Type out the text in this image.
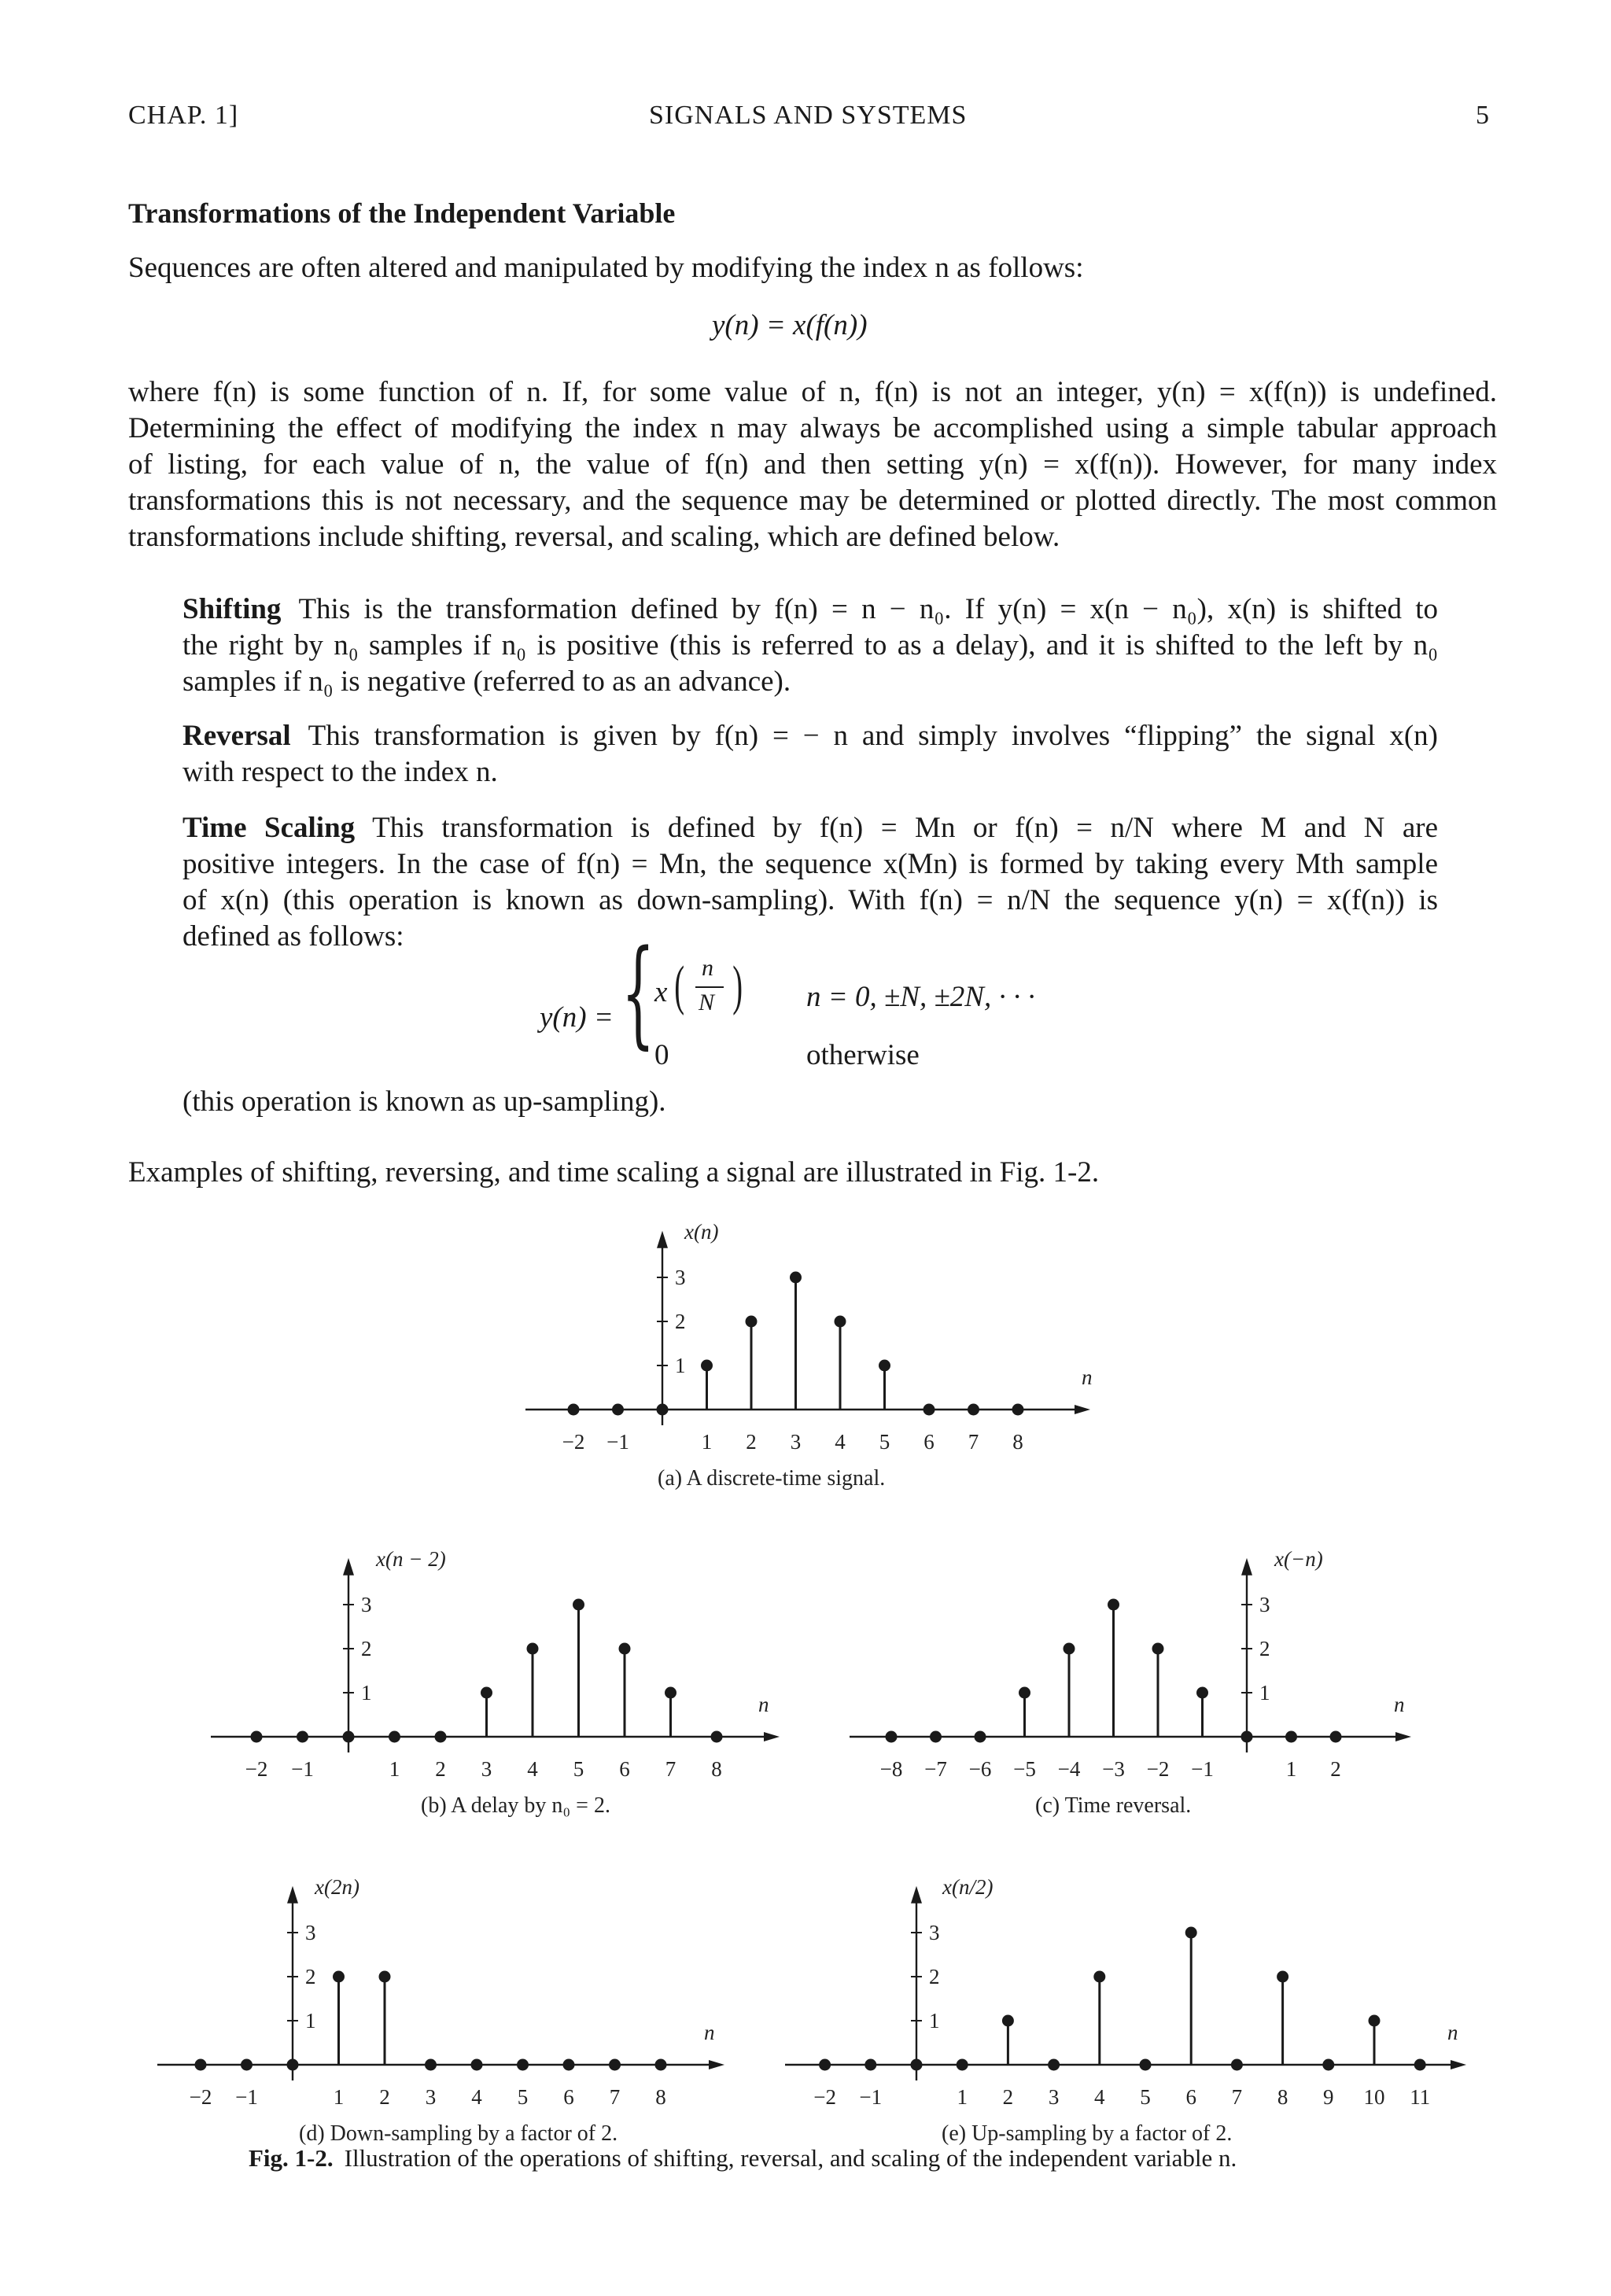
CHAP. 1]	SIGNALS AND SYSTEMS	5
Transformations of the Independent Variable
Sequences are often altered and manipulated by modifying the index n as follows:
y(n) = x(f(n))
where f(n) is some function of n. If, for some value of n, f(n) is not an integer, y(n) = x(f(n)) is undefined.
Determining the effect of modifying the index n may always be accomplished using a simple tabular approach
of listing, for each value of n, the value of f(n) and then setting y(n) = x(f(n)). However, for many index
transformations this is not necessary, and the sequence may be determined or plotted directly. The most common
transformations include shifting, reversal, and scaling, which are defined below.
Shifting This is the transformation defined by f(n) = n − n₀. If y(n) = x(n − n₀), x(n) is shifted to
the right by n₀ samples if n₀ is positive (this is referred to as a delay), and it is shifted to the left by n₀
samples if n₀ is negative (referred to as an advance).
Reversal This transformation is given by f(n) = − n and simply involves “flipping” the signal x(n)
with respect to the index n.
Time Scaling This transformation is defined by f(n) = Mn or f(n) = n/N where M and N are
positive integers. In the case of f(n) = Mn, the sequence x(Mn) is formed by taking every Mth sample
of x(n) (this operation is known as down-sampling). With f(n) = n/N the sequence y(n) = x(f(n)) is
defined as follows:
y(n) = { x ( n
N ) n = 0, ±N, ±2N, · · ·
0	otherwise
(this operation is known as up-sampling).
Examples of shifting, reversing, and time scaling a signal are illustrated in Fig. 1-2.
1
2
3
−2 −1	1 2 3 4 5 6 7 8
x(n)
n
(a) A discrete-time signal.
1
2
3
−2 −1	1 2 3 4 5 6 7 8
x(n − 2)
n
(b) A delay by n₀ = 2.
1
2
3
−8 −7 −6 −5 −4 −3 −2 −1	1 2
x(−n)
n
(c) Time reversal.
1
2
3
−2 −1	1 2 3 4 5 6 7 8
x(2n)
n
(d) Down-sampling by a factor of 2.
1
2
3
−2 −1	1 2 3 4 5 6 7 8 9 10 11
x(n/2)
n
(e) Up-sampling by a factor of 2.
Fig. 1-2. Illustration of the operations of shifting, reversal, and scaling of the independent variable n.
